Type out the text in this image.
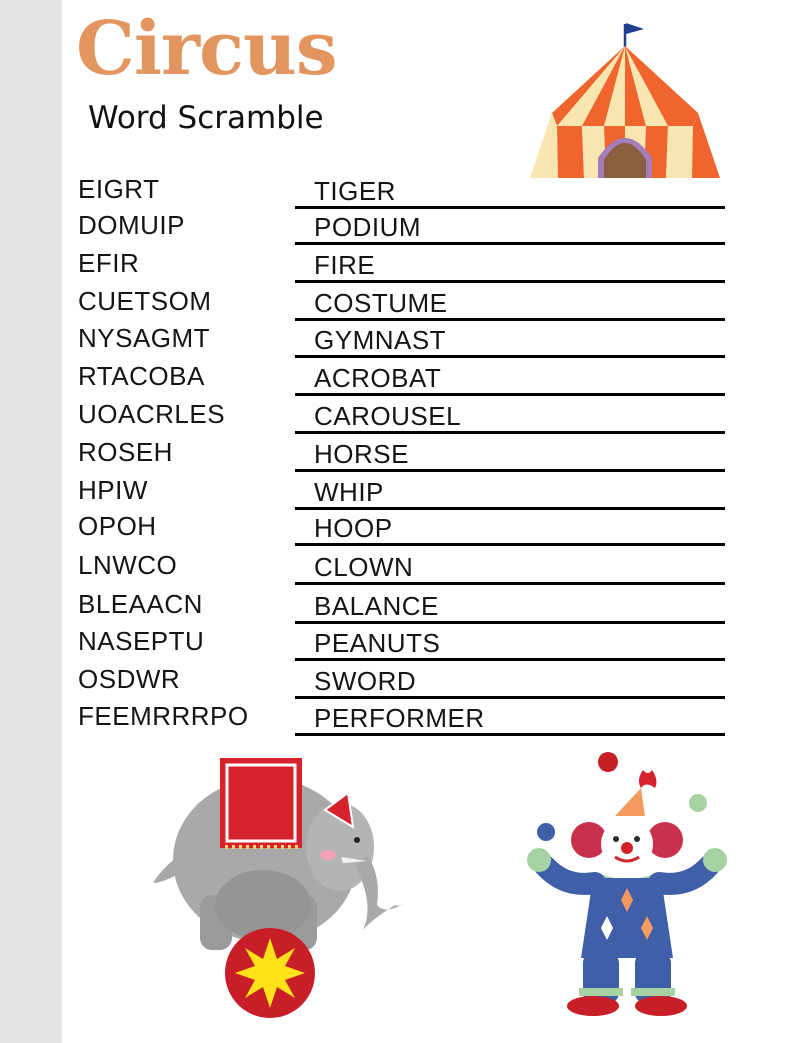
Circus
Word Scramble
EIGRT	TIGER
DOMUIP	PODIUM
EFIR	FIRE
CUETSOM	COSTUME
NYSAGMT	GYMNAST
RTACOBA	ACROBAT
UOACRLES	CAROUSEL
ROSEH	HORSE
HPIW	WHIP
OPOH	HOOP
LNWCO	CLOWN
BLEAACN	BALANCE
NASEPTU	PEANUTS
OSDWR	SWORD
FEEMRRRPO	PERFORMER
